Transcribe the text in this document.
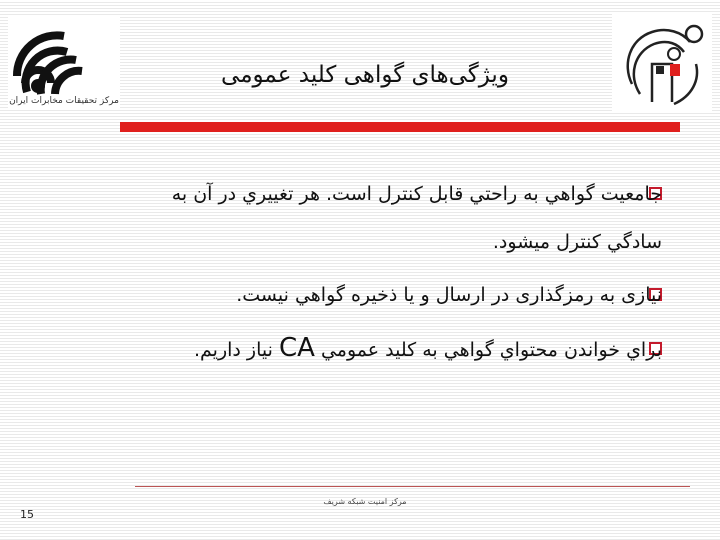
مرکز تحقیقات مخابرات ایران
ویژگی‌های گواهی کلید عمومی
جامعيت گواهي به راحتي قابل کنترل است. هر تغييري در آن به
سادگي کنترل ميشود.
نیازی به رمزگذاری در ارسال و یا ذخیره گواهي نیست.
براي خواندن محتواي گواهي به کليد عمومي CA نياز داريم.
مرکز امنیت شبکه شریف
15
